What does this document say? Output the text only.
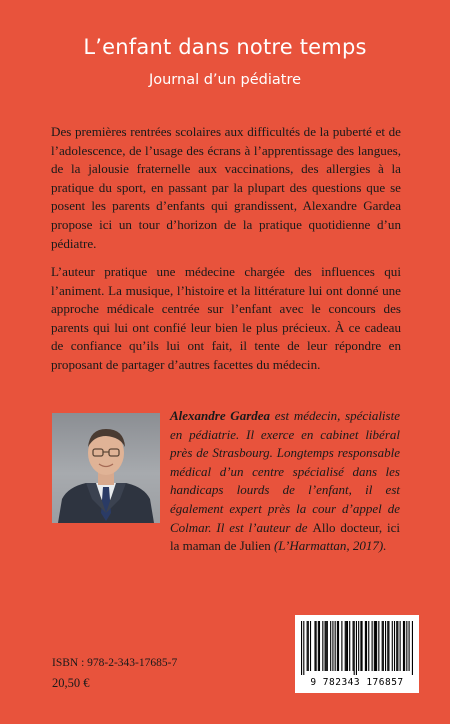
L’enfant dans notre temps
Journal d’un pédiatre
Des premières rentrées scolaires aux difficultés de la puberté et de l’adolescence, de l’usage des écrans à l’apprentissage des langues, de la jalousie fraternelle aux vaccinations, des allergies à la pratique du sport, en passant par la plupart des questions que se posent les parents d’enfants qui grandissent, Alexandre Gardea propose ici un tour d’horizon de la pratique quotidienne d’un pédiatre.
L’auteur pratique une médecine chargée des influences qui l’animent. La musique, l’histoire et la littérature lui ont donné une approche médicale centrée sur l’enfant avec le concours des parents qui lui ont confié leur bien le plus précieux. À ce cadeau de confiance qu’ils lui ont fait, il tente de leur répondre en proposant de partager d’autres facettes du médecin.
Alexandre Gardea est médecin, spécialiste en pédiatrie. Il exerce en cabinet libéral près de Strasbourg. Longtemps responsable médical d’un centre spécialisé dans les handicaps lourds de l’enfant, il est également expert près la cour d’appel de Colmar. Il est l’auteur de Allo docteur, ici la maman de Julien (L’Harmattan, 2017).
ISBN : 978-2-343-17685-7
20,50 €	9 782343 176857
